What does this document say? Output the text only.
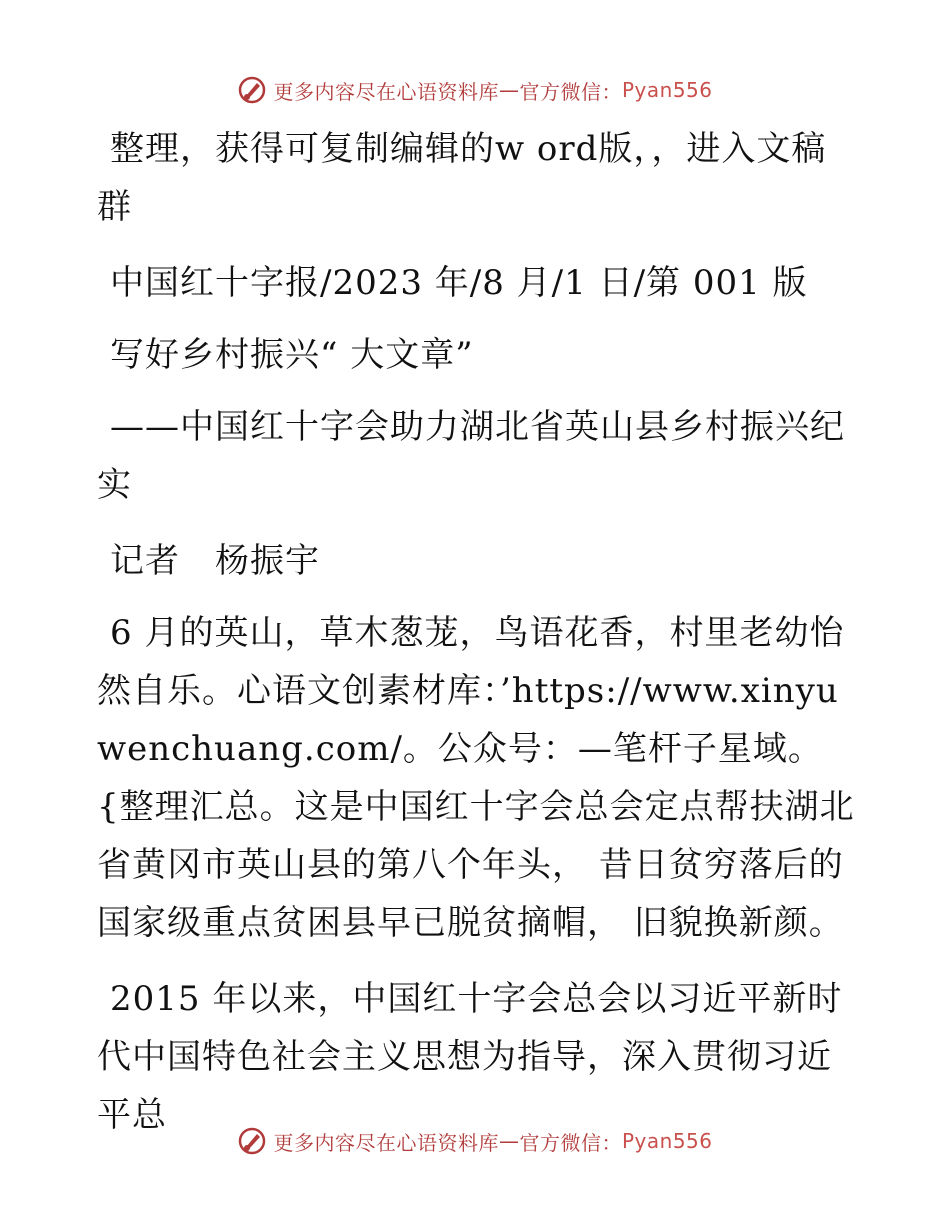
更多内容尽在心语资料库 — 官方微信： Pyan556

整理，获得可复制编辑的w ord版，，进入文稿群

中国红十字报/2023 年/8 月/1 日/第 001 版

写好乡村振兴“ 大文章”

——中国红十字会助力湖北省英山县乡村振兴纪实

记者　杨振宇

6 月的英山，草木葱茏，鸟语花香，村里老幼怡然自乐。心语文创素材库：’https://www.xinyuwenchuang.com/。公众号：—笔杆子星域。{整理汇总。这是中国红十字会总会定点帮扶湖北省黄冈市英山县的第八个年头， 昔日贫穷落后的国家级重点贫困县早已脱贫摘帽， 旧貌换新颜。

2015 年以来，中国红十字会总会以习近平新时代中国特色社会主义思想为指导，深入贯彻习近平总

更多内容尽在心语资料库 — 官方微信： Pyan556
